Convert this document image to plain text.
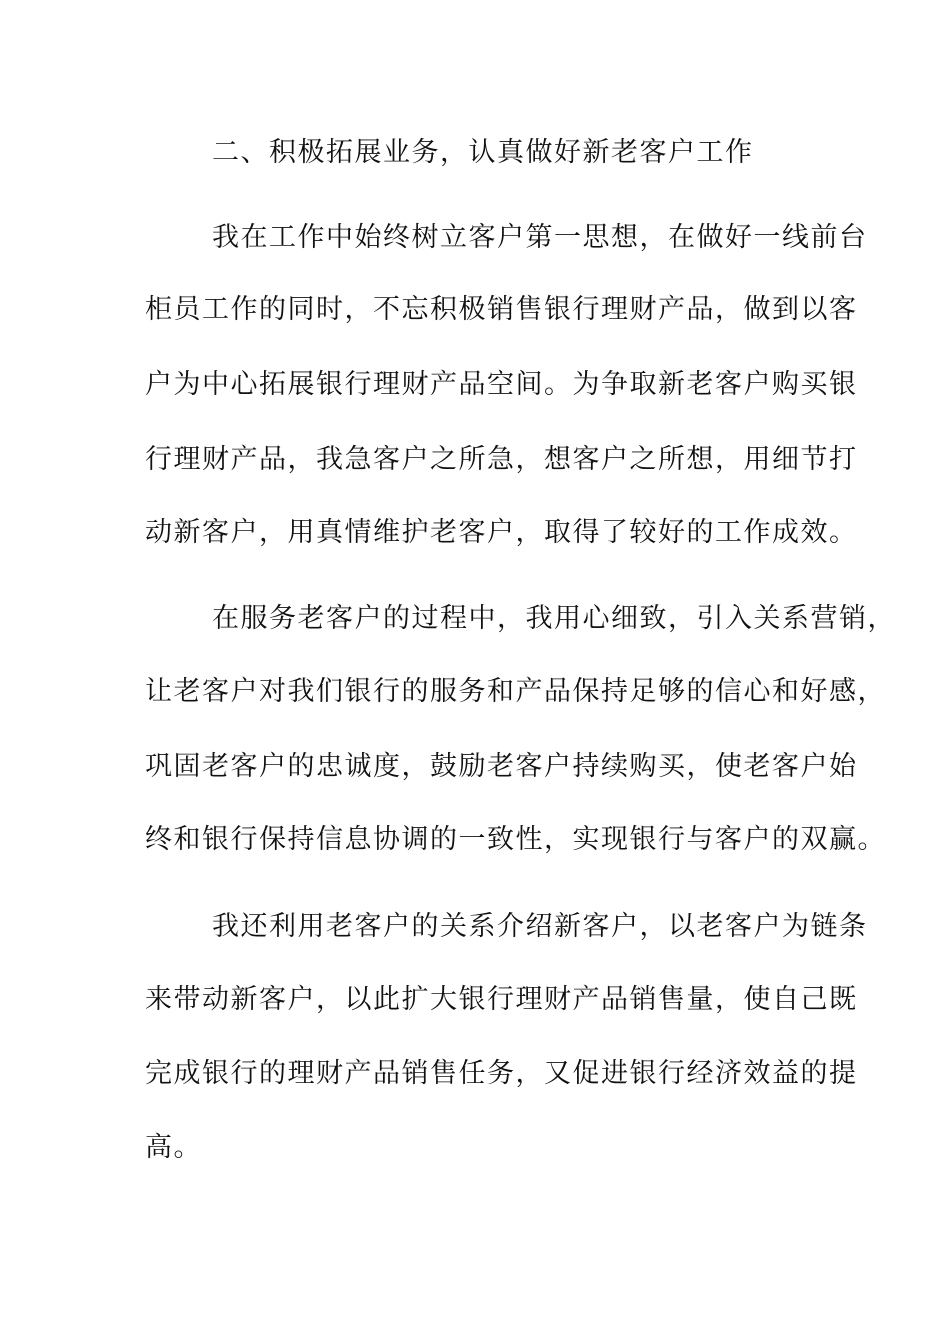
二、积极拓展业务，认真做好新老客户工作
我在工作中始终树立客户第一思想，在做好一线前台
柜员工作的同时，不忘积极销售银行理财产品，做到以客
户为中心拓展银行理财产品空间。为争取新老客户购买银
行理财产品，我急客户之所急，想客户之所想，用细节打
动新客户，用真情维护老客户，取得了较好的工作成效。
在服务老客户的过程中，我用心细致，引入关系营销，
让老客户对我们银行的服务和产品保持足够的信心和好感，
巩固老客户的忠诚度，鼓励老客户持续购买，使老客户始
终和银行保持信息协调的一致性，实现银行与客户的双赢。
我还利用老客户的关系介绍新客户，以老客户为链条
来带动新客户，以此扩大银行理财产品销售量，使自己既
完成银行的理财产品销售任务，又促进银行经济效益的提
高。
